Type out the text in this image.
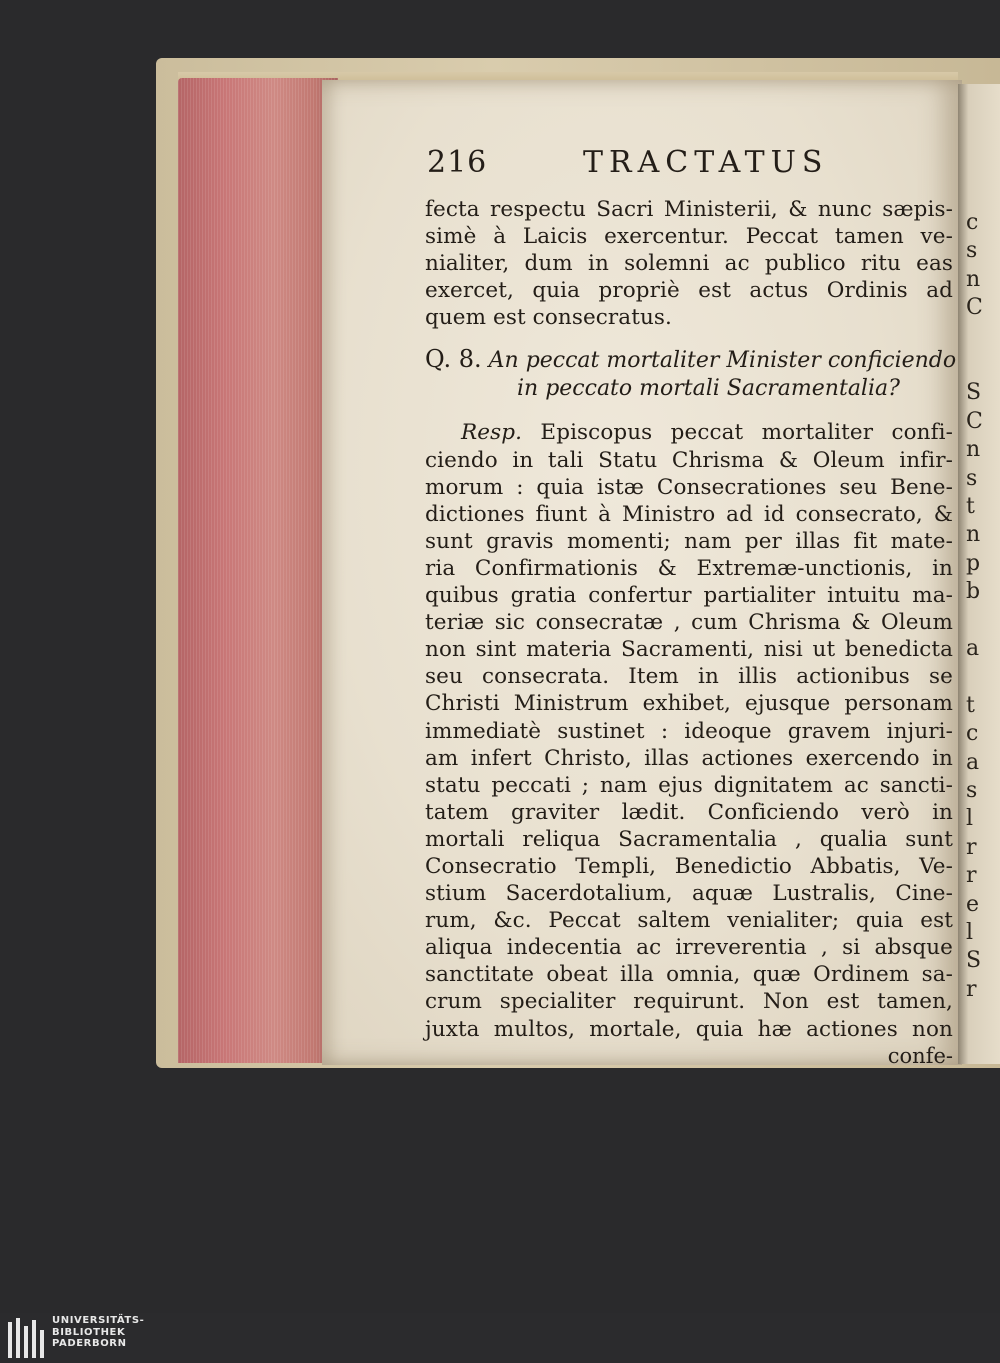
c
s
n
C
S
C
n
s
t
n
p
b
a
t
c
a
s
l
r
r
e
l
S
r
216	TRACTATUS
fecta respectu Sacri Ministerii, & nunc sæpis-
simè à Laicis exercentur. Peccat tamen ve-
nialiter, dum in solemni ac publico ritu eas
exercet, quia propriè est actus Ordinis ad
quem est consecratus.
Q. 8. An peccat mortaliter Minister conficiendo
in peccato mortali Sacramentalia?
Resp. Episcopus peccat mortaliter confi-
ciendo in tali Statu Chrisma & Oleum infir-
morum : quia istæ Consecrationes seu Bene-
dictiones fiunt à Ministro ad id consecrato, &
sunt gravis momenti; nam per illas fit mate-
ria Confirmationis & Extremæ-unctionis, in
quibus gratia confertur partialiter intuitu ma-
teriæ sic consecratæ , cum Chrisma & Oleum
non sint materia Sacramenti, nisi ut benedicta
seu consecrata. Item in illis actionibus se
Christi Ministrum exhibet, ejusque personam
immediatè sustinet : ideoque gravem injuri-
am infert Christo, illas actiones exercendo in
statu peccati ; nam ejus dignitatem ac sancti-
tatem graviter lædit. Conficiendo verò in
mortali reliqua Sacramentalia , qualia sunt
Consecratio Templi, Benedictio Abbatis, Ve-
stium Sacerdotalium, aquæ Lustralis, Cine-
rum, &c. Peccat saltem venialiter; quia est
aliqua indecentia ac irreverentia , si absque
sanctitate obeat illa omnia, quæ Ordinem sa-
crum specialiter requirunt. Non est tamen,
juxta multos, mortale, quia hæ actiones non
confe-
UNIVERSITÄTS-
BIBLIOTHEK
PADERBORN
